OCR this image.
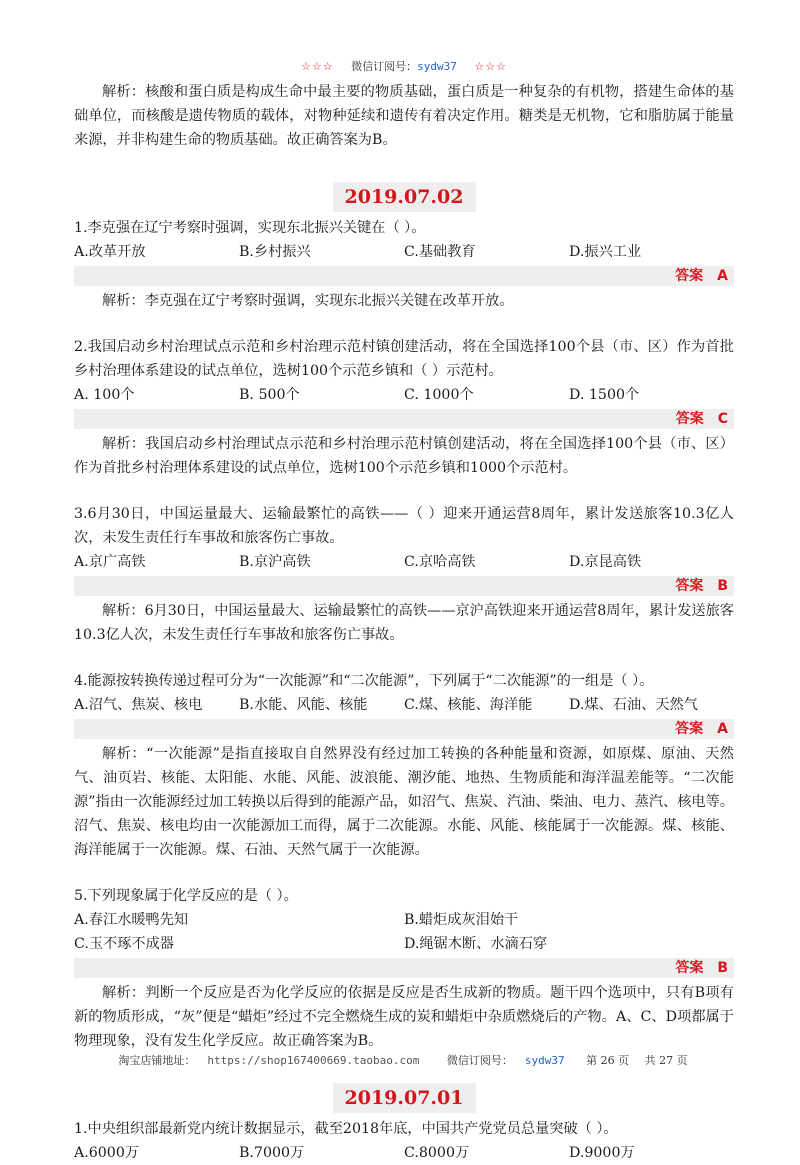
☆☆☆ 微信订阅号：sydw37 ☆☆☆

解析：核酸和蛋白质是构成生命中最主要的物质基础，蛋白质是一种复杂的有机物，搭建生命体的基础单位，而核酸是遗传物质的载体，对物种延续和遗传有着决定作用。糖类是无机物，它和脂肪属于能量来源，并非构建生命的物质基础。故正确答案为B。

2019.07.02

1.李克强在辽宁考察时强调，实现东北振兴关键在（ ）。

A.改革开放	B.乡村振兴	C.基础教育	D.振兴工业
答案 A

解析：李克强在辽宁考察时强调，实现东北振兴关键在改革开放。

2.我国启动乡村治理试点示范和乡村治理示范村镇创建活动，将在全国选择100个县（市、区）作为首批乡村治理体系建设的试点单位，选树100个示范乡镇和（ ）示范村。

A. 100个	B. 500个	C. 1000个	D. 1500个
答案 C

解析：我国启动乡村治理试点示范和乡村治理示范村镇创建活动，将在全国选择100个县（市、区）作为首批乡村治理体系建设的试点单位，选树100个示范乡镇和1000个示范村。

3.6月30日，中国运量最大、运输最繁忙的高铁——（ ）迎来开通运营8周年，累计发送旅客10.3亿人次，未发生责任行车事故和旅客伤亡事故。

A.京广高铁	B.京沪高铁	C.京哈高铁	D.京昆高铁
答案 B

解析：6月30日，中国运量最大、运输最繁忙的高铁——京沪高铁迎来开通运营8周年，累计发送旅客10.3亿人次，未发生责任行车事故和旅客伤亡事故。

4.能源按转换传递过程可分为“一次能源”和“二次能源”，下列属于“二次能源”的一组是（ ）。

A.沼气、焦炭、核电	B.水能、风能、核能	C.煤、核能、海洋能	D.煤、石油、天然气
答案 A

解析：“一次能源”是指直接取自自然界没有经过加工转换的各种能量和资源，如原煤、原油、天然气、油页岩、核能、太阳能、水能、风能、波浪能、潮汐能、地热、生物质能和海洋温差能等。“二次能源”指由一次能源经过加工转换以后得到的能源产品，如沼气、焦炭、汽油、柴油、电力、蒸汽、核电等。沼气、焦炭、核电均由一次能源加工而得，属于二次能源。水能、风能、核能属于一次能源。煤、核能、海洋能属于一次能源。煤、石油、天然气属于一次能源。

5.下列现象属于化学反应的是（ ）。

A.春江水暖鸭先知	B.蜡炬成灰泪始干
C.玉不琢不成器	D.绳锯木断、水滴石穿
答案 B

解析：判断一个反应是否为化学反应的依据是反应是否生成新的物质。题干四个选项中，只有B项有新的物质形成，“灰”便是“蜡炬”经过不完全燃烧生成的炭和蜡炬中杂质燃烧后的产物。A、C、D项都属于物理现象，没有发生化学反应。故正确答案为B。

2019.07.01

1.中央组织部最新党内统计数据显示，截至2018年底，中国共产党党员总量突破（ ）。

A.6000万	B.7000万	C.8000万	D.9000万
淘宝店铺地址： https://shop167400669.taobao.com	微信订阅号： sydw37 第 26 页 共 27 页
